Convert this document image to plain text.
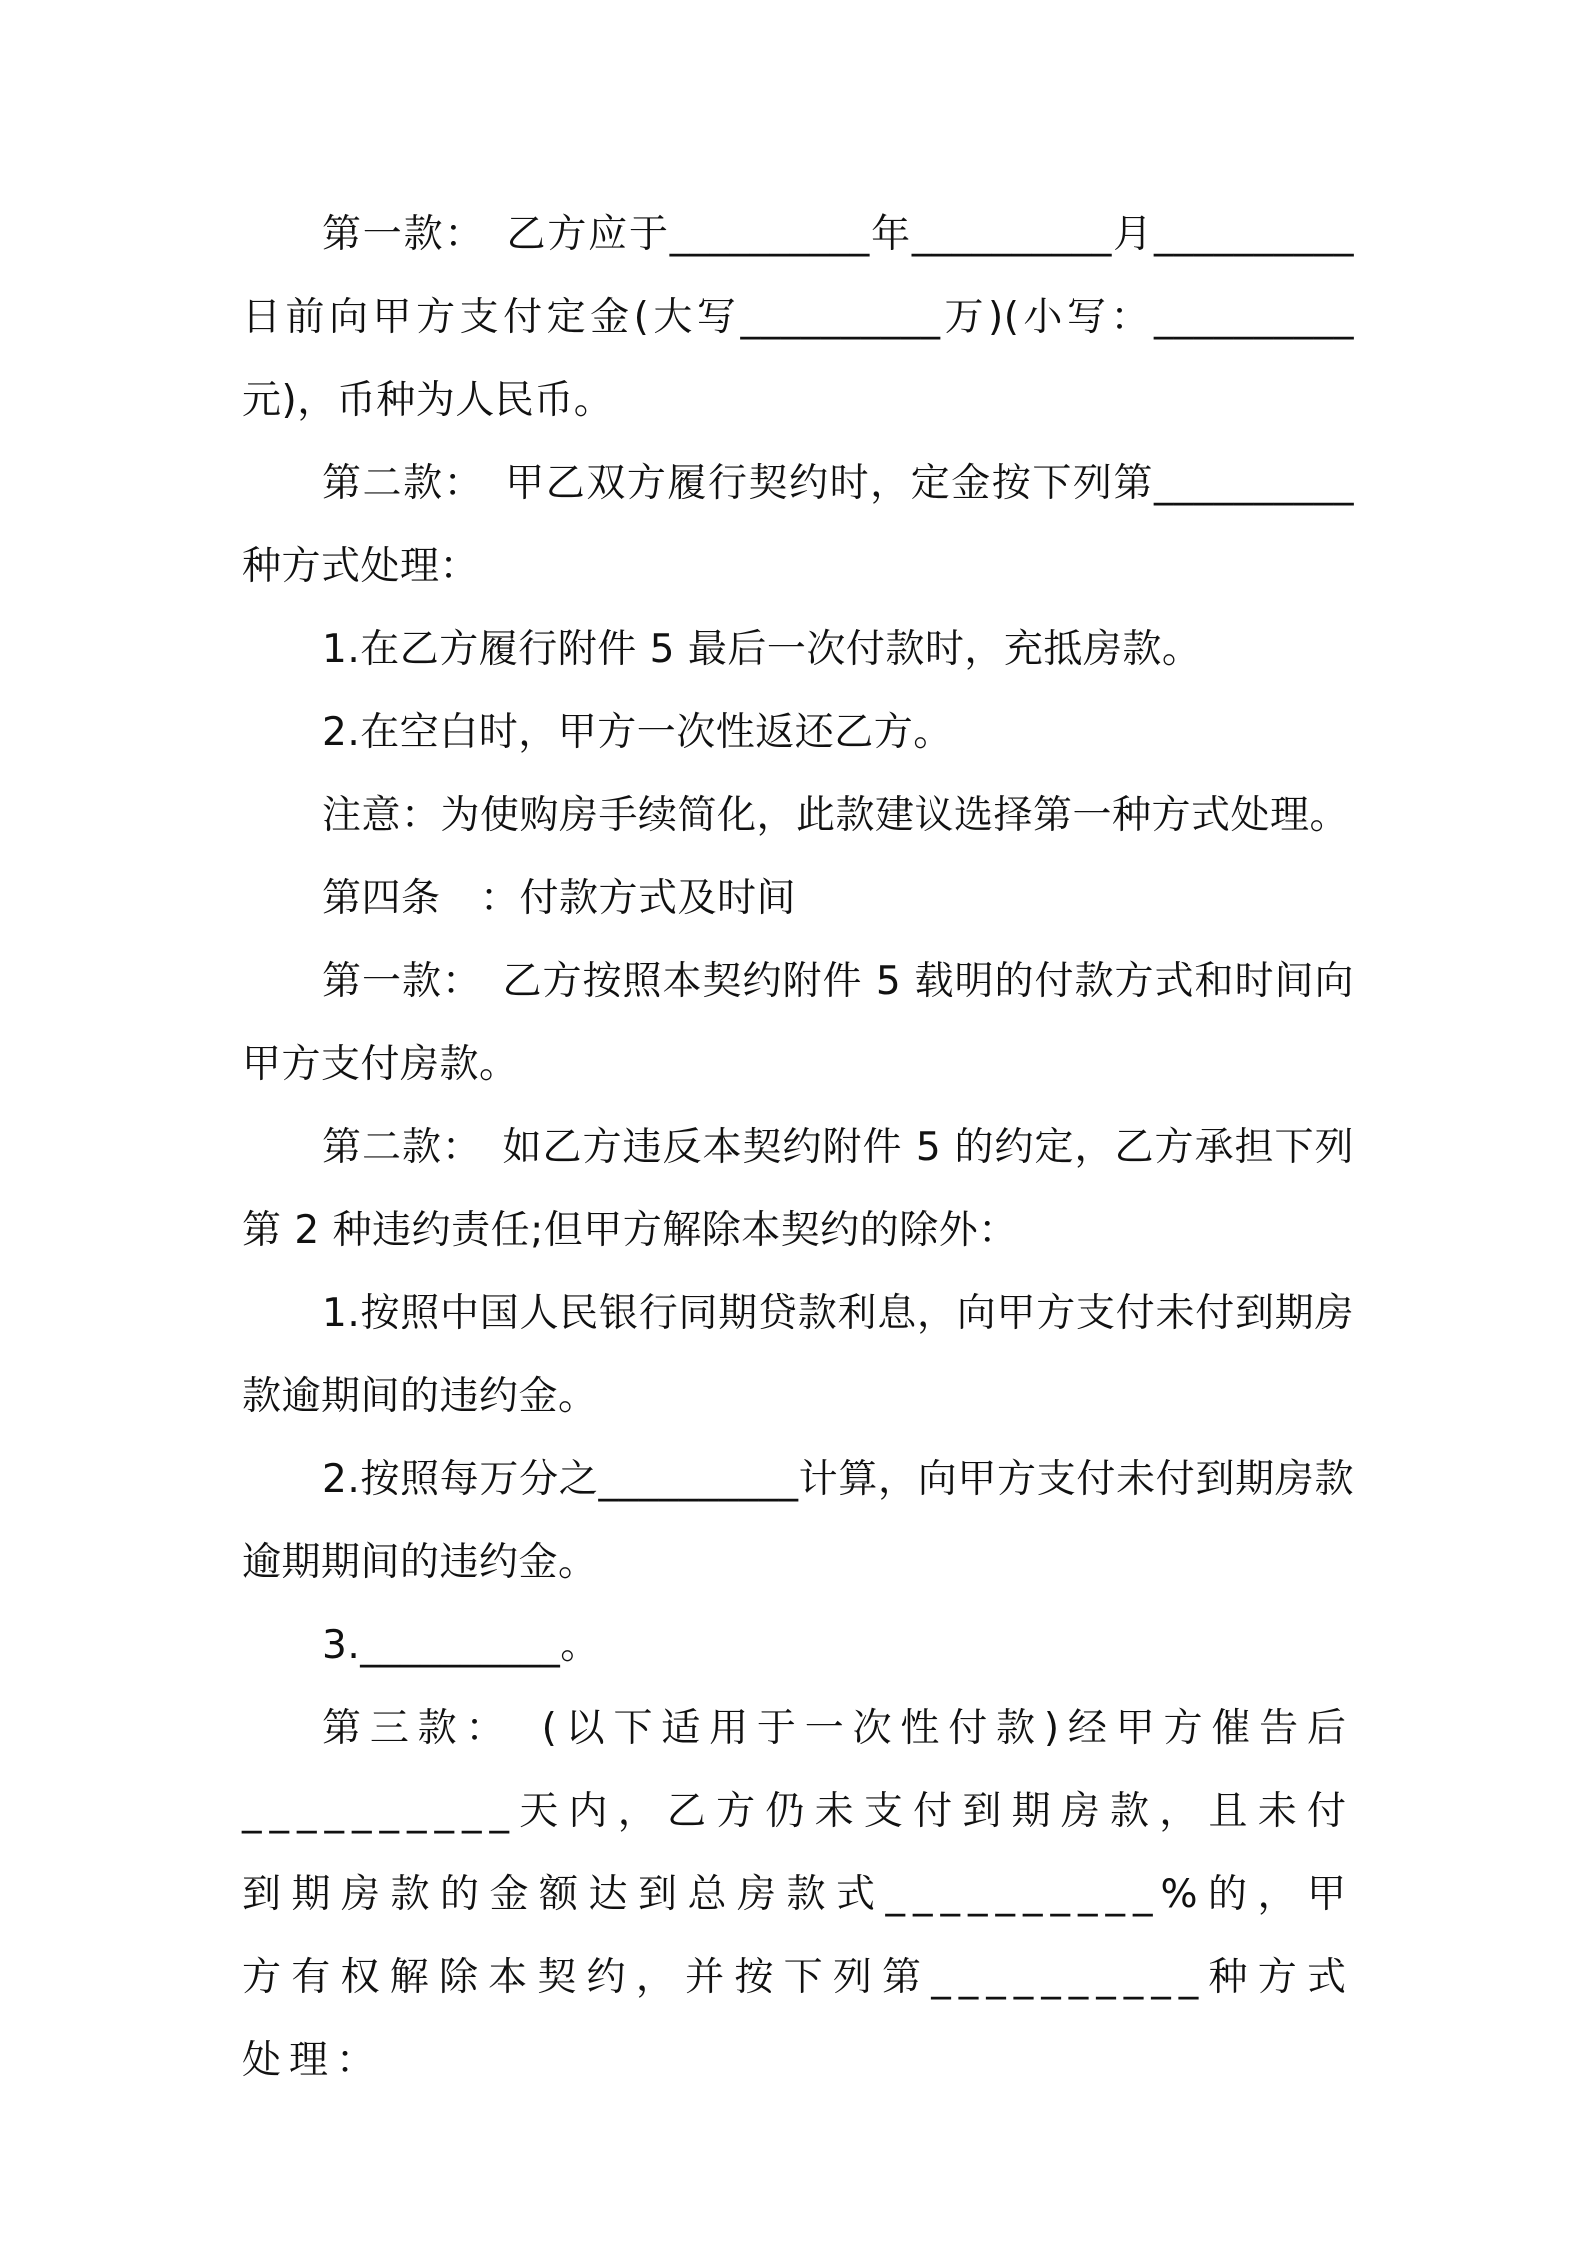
第一款：　乙方应于__________年__________月__________日前向甲方支付定金(大写__________万)(小写：__________元)，币种为人民币。

第二款：　甲乙双方履行契约时，定金按下列第__________种方式处理：

1.在乙方履行附件 5 最后一次付款时，充抵房款。

2.在空白时，甲方一次性返还乙方。

注意：为使购房手续简化，此款建议选择第一种方式处理。

第四条　：付款方式及时间

第一款：　乙方按照本契约附件 5 载明的付款方式和时间向甲方支付房款。

第二款：　如乙方违反本契约附件 5 的约定，乙方承担下列第 2 种违约责任;但甲方解除本契约的除外：

1.按照中国人民银行同期贷款利息，向甲方支付未付到期房款逾期间的违约金。

2.按照每万分之__________计算，向甲方支付未付到期房款逾期期间的违约金。

3.__________。

第三款：　(以下适用于一次性付款)经甲方催告后__________天内，乙方仍未支付到期房款，且未付到期房款的金额达到总房款式__________%的，甲方有权解除本契约，并按下列第__________种方式处理：
